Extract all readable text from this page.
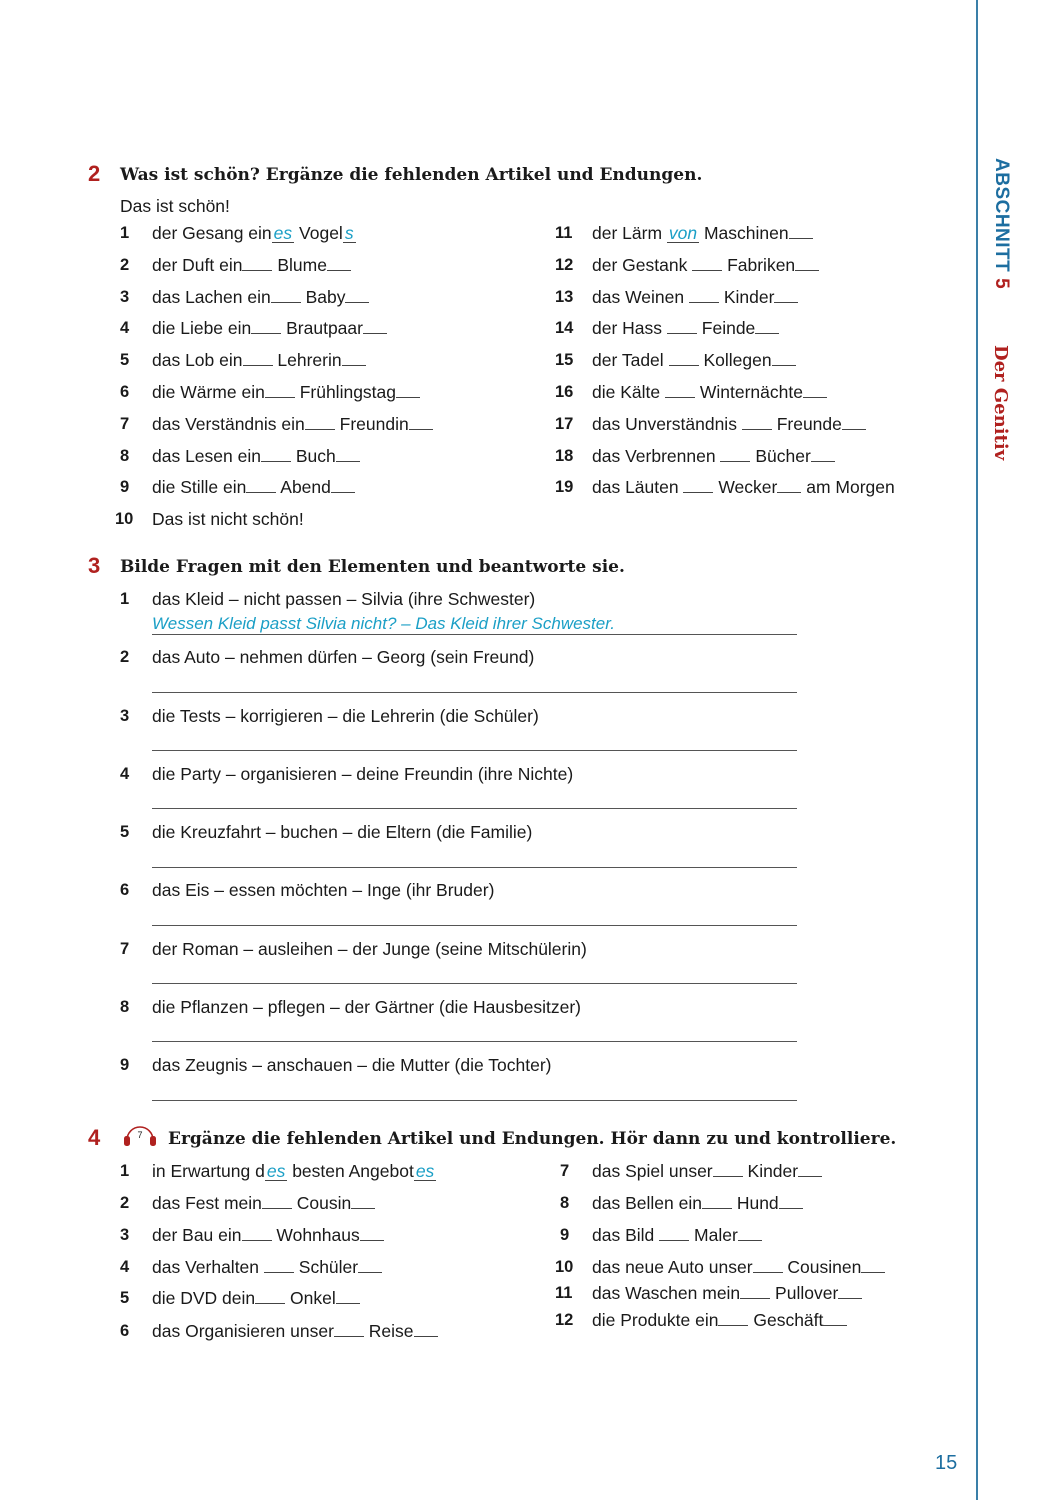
ABSCHNITT 5
Der Genitiv
2 Was ist schön? Ergänze die fehlenden Artikel und Endungen.
Das ist schön!
1	der Gesang ein es Vogel s
2	der Duft ein Blume
3	das Lachen ein Baby
4	die Liebe ein Brautpaar
5	das Lob ein Lehrerin
6	die Wärme ein Frühlingstag
7	das Verständnis ein Freundin
8	das Lesen ein Buch
9	die Stille ein Abend
10	Das ist nicht schön!
11	der Lärm von Maschinen
12	der Gestank Fabriken
13	das Weinen Kinder
14	der Hass Feinde
15	der Tadel Kollegen
16	die Kälte Winternächte
17	das Unverständnis Freunde
18	das Verbrennen Bücher
19	das Läuten Wecker am Morgen
3 Bilde Fragen mit den Elementen und beantworte sie.
1	das Kleid – nicht passen – Silvia (ihre Schwester)
Wessen Kleid passt Silvia nicht? – Das Kleid ihrer Schwester.
2	das Auto – nehmen dürfen – Georg (sein Freund)
3	die Tests – korrigieren – die Lehrerin (die Schüler)
4	die Party – organisieren – deine Freundin (ihre Nichte)
5	die Kreuzfahrt – buchen – die Eltern (die Familie)
6	das Eis – essen möchten – Inge (ihr Bruder)
7	der Roman – ausleihen – der Junge (seine Mitschülerin)
8	die Pflanzen – pflegen – der Gärtner (die Hausbesitzer)
9	das Zeugnis – anschauen – die Mutter (die Tochter)
4	7 Ergänze die fehlenden Artikel und Endungen. Hör dann zu und kontrolliere.
1	in Erwartung d es besten Angebot es
2	das Fest mein Cousin
3	der Bau ein Wohnhaus
4	das Verhalten Schüler
5	die DVD dein Onkel
6	das Organisieren unser Reise
7	das Spiel unser Kinder
8	das Bellen ein Hund
9	das Bild Maler
10	das neue Auto unser Cousinen
11	das Waschen mein Pullover
12	die Produkte ein Geschäft
15
